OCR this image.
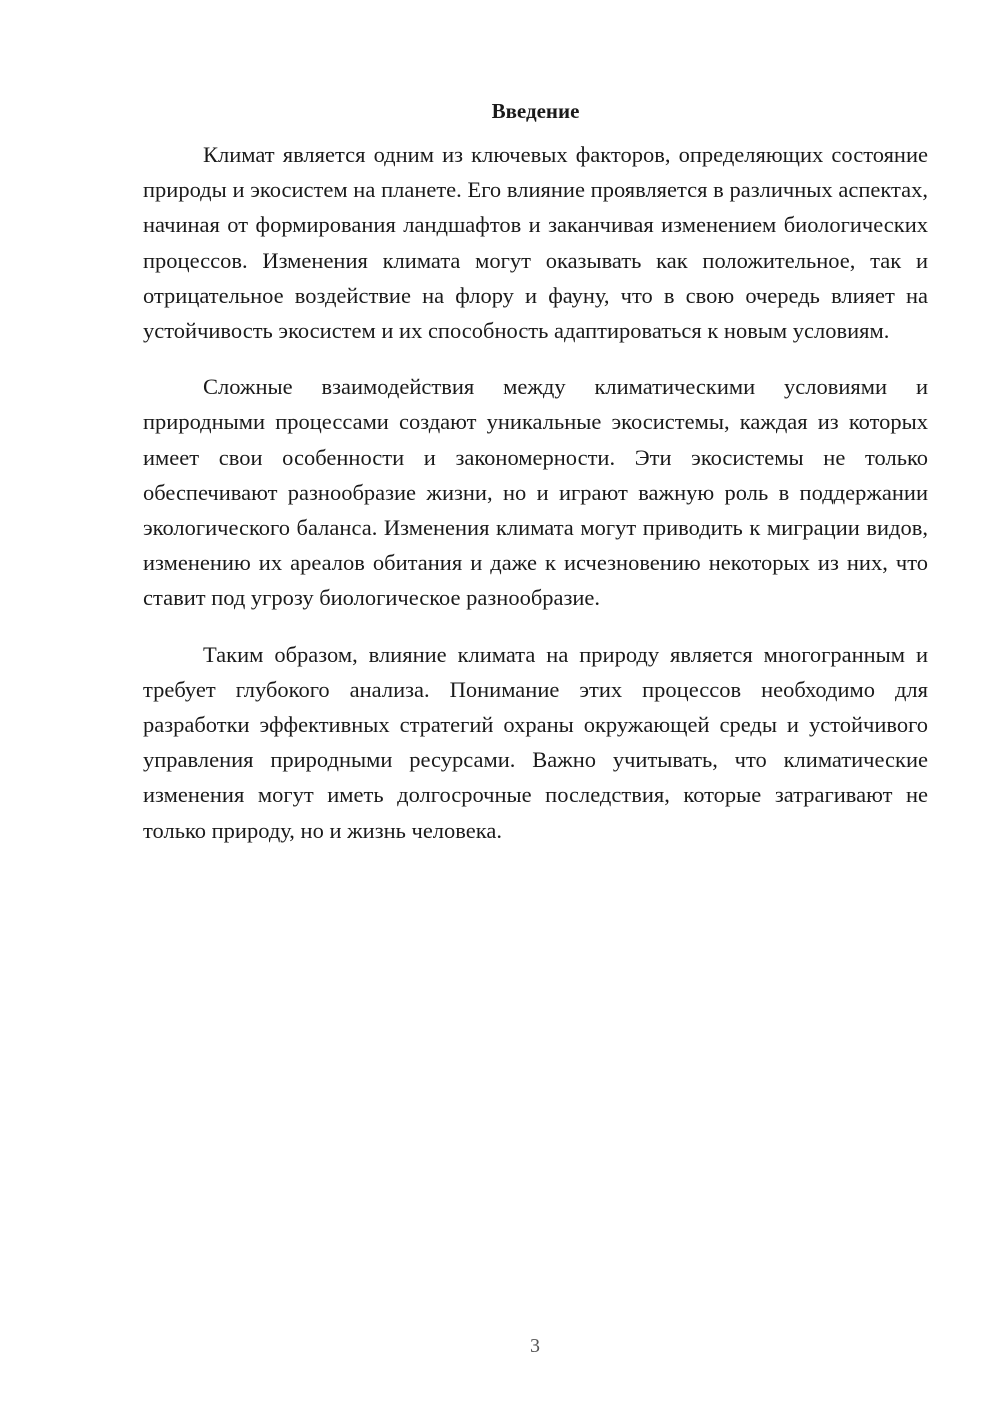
Введение

Климат является одним из ключевых факторов, определяющих состояние природы и экосистем на планете. Его влияние проявляется в различных аспектах, начиная от формирования ландшафтов и заканчивая изменением биологических процессов. Изменения климата могут оказывать как положительное, так и отрицательное воздействие на флору и фауну, что в свою очередь влияет на устойчивость экосистем и их способность адаптироваться к новым условиям.

Сложные взаимодействия между климатическими условиями и природными процессами создают уникальные экосистемы, каждая из которых имеет свои особенности и закономерности. Эти экосистемы не только обеспечивают разнообразие жизни, но и играют важную роль в поддержании экологического баланса. Изменения климата могут приводить к миграции видов, изменению их ареалов обитания и даже к исчезновению некоторых из них, что ставит под угрозу биологическое разнообразие.

Таким образом, влияние климата на природу является многогранным и требует глубокого анализа. Понимание этих процессов необходимо для разработки эффективных стратегий охраны окружающей среды и устойчивого управления природными ресурсами. Важно учитывать, что климатические изменения могут иметь долгосрочные последствия, которые затрагивают не только природу, но и жизнь человека.

3
